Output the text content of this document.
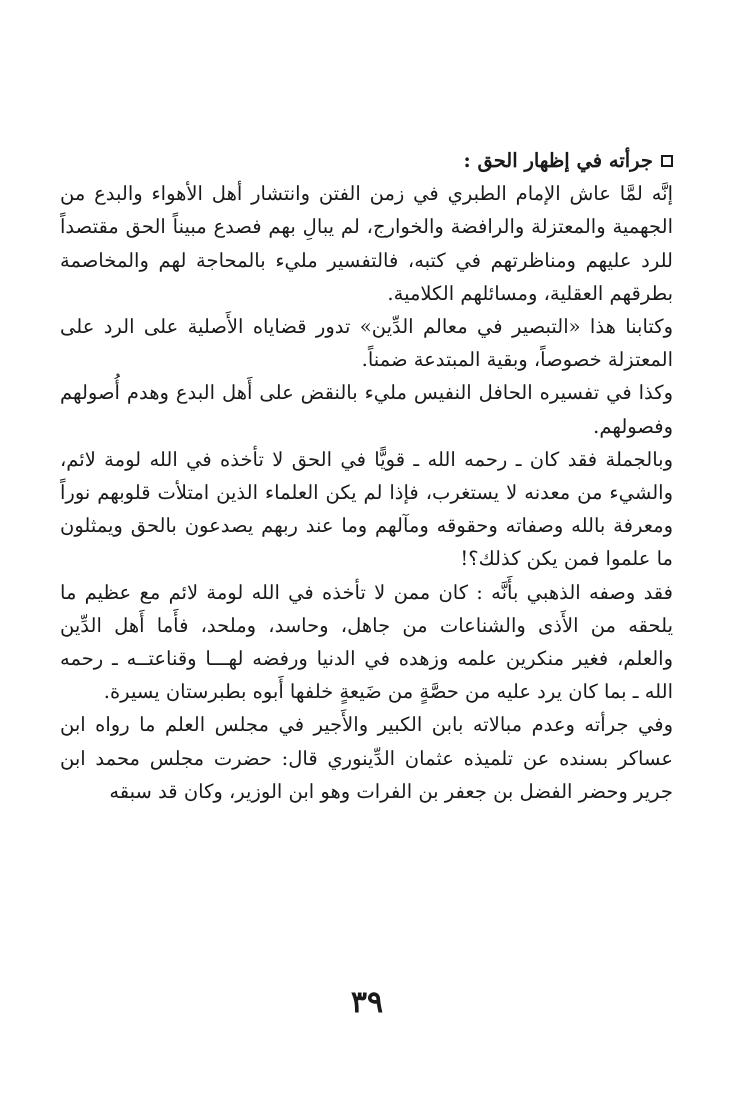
جرأته في إظهار الحق :

إنَّه لمَّا عاش الإمام الطبري في زمن الفتن وانتشار أهل الأهواء والبدع من الجهمية والمعتزلة والرافضة والخوارج، لم يبالِ بهم فصدع مبيناً الحق مقتصداً للرد عليهم ومناظرتهم في كتبه، فالتفسير مليء بالمحاجة لهم والمخاصمة بطرقهم العقلية، ومسائلهم الكلامية.

وكتابنا هذا «التبصير في معالم الدِّين» تدور قضاياه الأَصلية على الرد على المعتزلة خصوصاً، وبقية المبتدعة ضمناً.

وكذا في تفسيره الحافل النفيس مليء بالنقض على أَهل البدع وهدم أُصولهم وفصولهم.

وبالجملة فقد كان ـ رحمه الله ـ قويًّا في الحق لا تأخذه في الله لومة لائم، والشيء من معدنه لا يستغرب، فإذا لم يكن العلماء الذين امتلأت قلوبهم نوراً ومعرفة بالله وصفاته وحقوقه ومآلهم وما عند ربهم يصدعون بالحق ويمثلون ما علموا فمن يكن كذلك؟!

فقد وصفه الذهبي بأَنَّه : كان ممن لا تأخذه في الله لومة لائم مع عظيم ما يلحقه من الأَذى والشناعات من جاهل، وحاسد، وملحد، فأَما أَهل الدِّين والعلم، فغير منكرين علمه وزهده في الدنيا ورفضه لهـــا وقناعتــه ـ رحمه الله ـ بما كان يرد عليه من حصَّةٍ من ضَيعةٍ خلفها أَبوه بطبرستان يسيرة.

وفي جرأته وعدم مبالاته بابن الكبير والأَجير في مجلس العلم ما رواه ابن عساكر بسنده عن تلميذه عثمان الدِّينوري قال: حضرت مجلس محمد ابن جرير وحضر الفضل بن جعفر بن الفرات وهو ابن الوزير، وكان قد سبقه

٣٩
